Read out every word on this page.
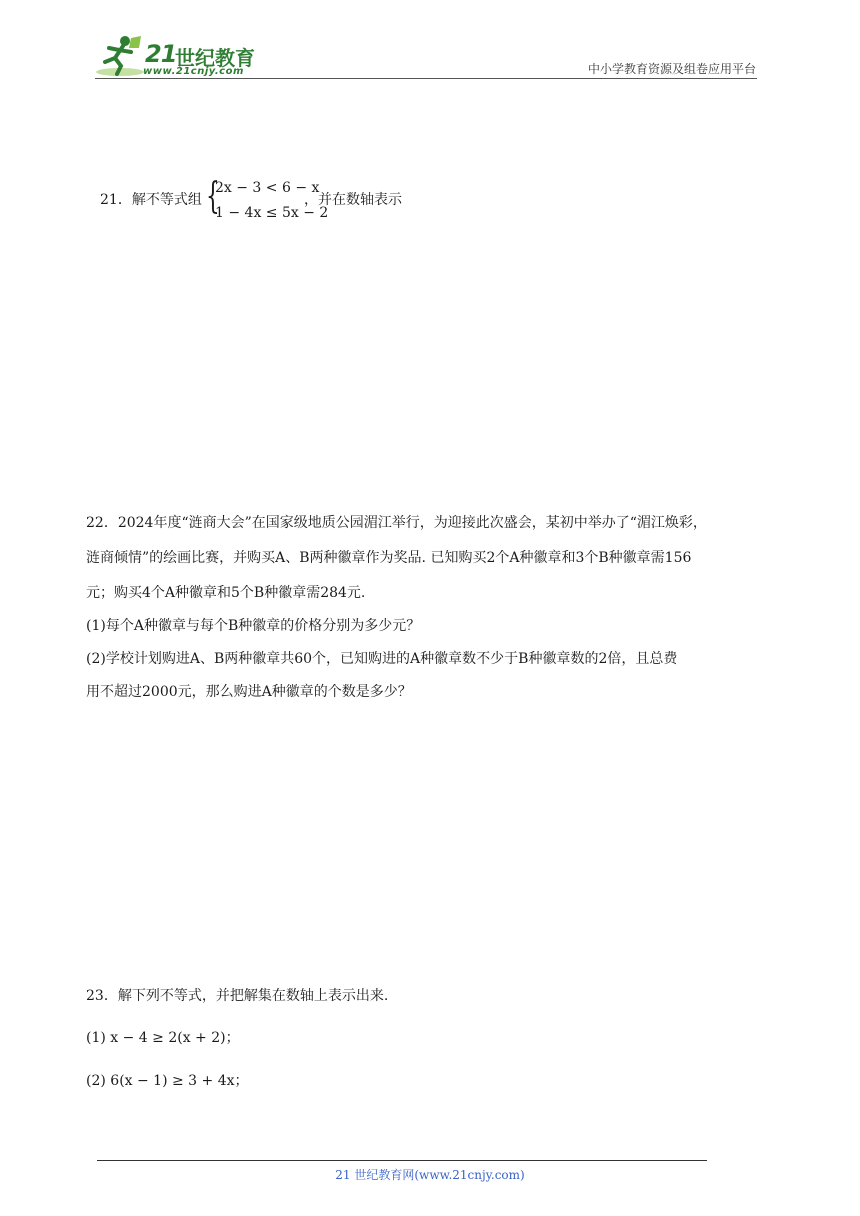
21
世纪教育
www.21cnjy.com	中小学教育资源及组卷应用平台
21．解不等式组 {
2x − 3 < 6 − x
1 − 4x ≤ 5x − 2
，并在数轴表示
22．2024年度“涟商大会”在国家级地质公园湄江举行，为迎接此次盛会，某初中举办了“湄江焕彩，
涟商倾情”的绘画比赛，并购买A、B两种徽章作为奖品. 已知购买2个A种徽章和3个B种徽章需156
元；购买4个A种徽章和5个B种徽章需284元.
(1)每个A种徽章与每个B种徽章的价格分别为多少元？
(2)学校计划购进A、B两种徽章共60个，已知购进的A种徽章数不少于B种徽章数的2倍，且总费
用不超过2000元，那么购进A种徽章的个数是多少？
23．解下列不等式，并把解集在数轴上表示出来.
(1) x − 4 ≥ 2(x + 2)；
(2) 6(x − 1) ≥ 3 + 4x；
21 世纪教育网(www.21cnjy.com)
